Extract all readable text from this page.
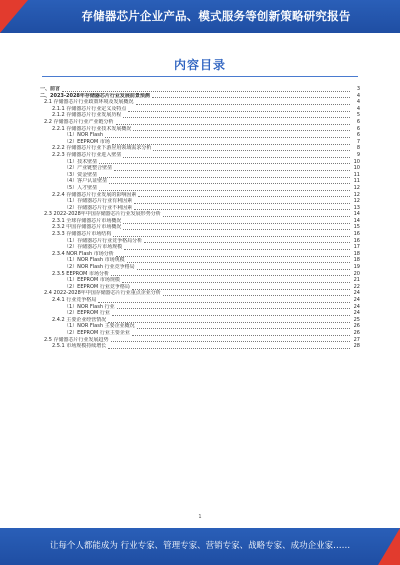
存储器芯片企业产品、模式服务等创新策略研究报告
内容目录
一、前言	3
二、2023-2028年存储器芯片行业发展前景预测	4
2.1 存储器芯片行业政策环境及发展概况	4
2.1.1 存储器芯片行业定义及特点	4
2.1.2 存储器芯片行业发展历程	5
2.2 存储器芯片行业产业链分析	6
2.2.1 存储器芯片行业技术发展概况	6
（1）NOR Flash	6
（2）EEPROM 市场	7
2.2.2 存储器芯片行业下游应用领域需求分析	8
2.2.3 存储器芯片行业进入壁垒	9
（1）技术壁垒	10
（2）产业链整合壁垒	10
（3）资金壁垒	11
（4）客户认证壁垒	11
（5）人才壁垒	12
2.2.4 存储器芯片行业发展的影响因素	12
（1）存储器芯片行业有利因素	12
（2）存储器芯片行业不利因素	13
2.3 2022-2028年中国存储器芯片行业发展形势分析	14
2.3.1 全球存储器芯片市场概况	14
2.3.2 中国存储器芯片市场概况	15
2.3.3 存储器芯片市场结构	16
（1）存储器芯片行业竞争格局分析	16
（2）存储器芯片市场规模	17
2.3.4 NOR Flash 市场分析	18
（1）NOR Flash 市场规模	18
（2）NOR Flash 行业竞争格局	19
2.3.5 EEPROM 市场分析	20
（1）EEPROM 市场规模	21
（2）EEPROM 行业竞争格局	22
2.4 2022-2028年中国存储器芯片行业重点企业分析	24
2.4.1 行业竞争格局	24
（1）NOR Flash 行业	24
（2）EEPROM 行业	24
2.4.2 主要企业经营情况	25
（1）NOR Flash 主要企业概况	26
（2）EEPROM 行业主要企业	26
2.5 存储器芯片行业发展趋势	27
2.5.1 市场规模持续增长	28
1
让每个人都能成为 行业专家、管理专家、营销专家、战略专家、成功企业家……
